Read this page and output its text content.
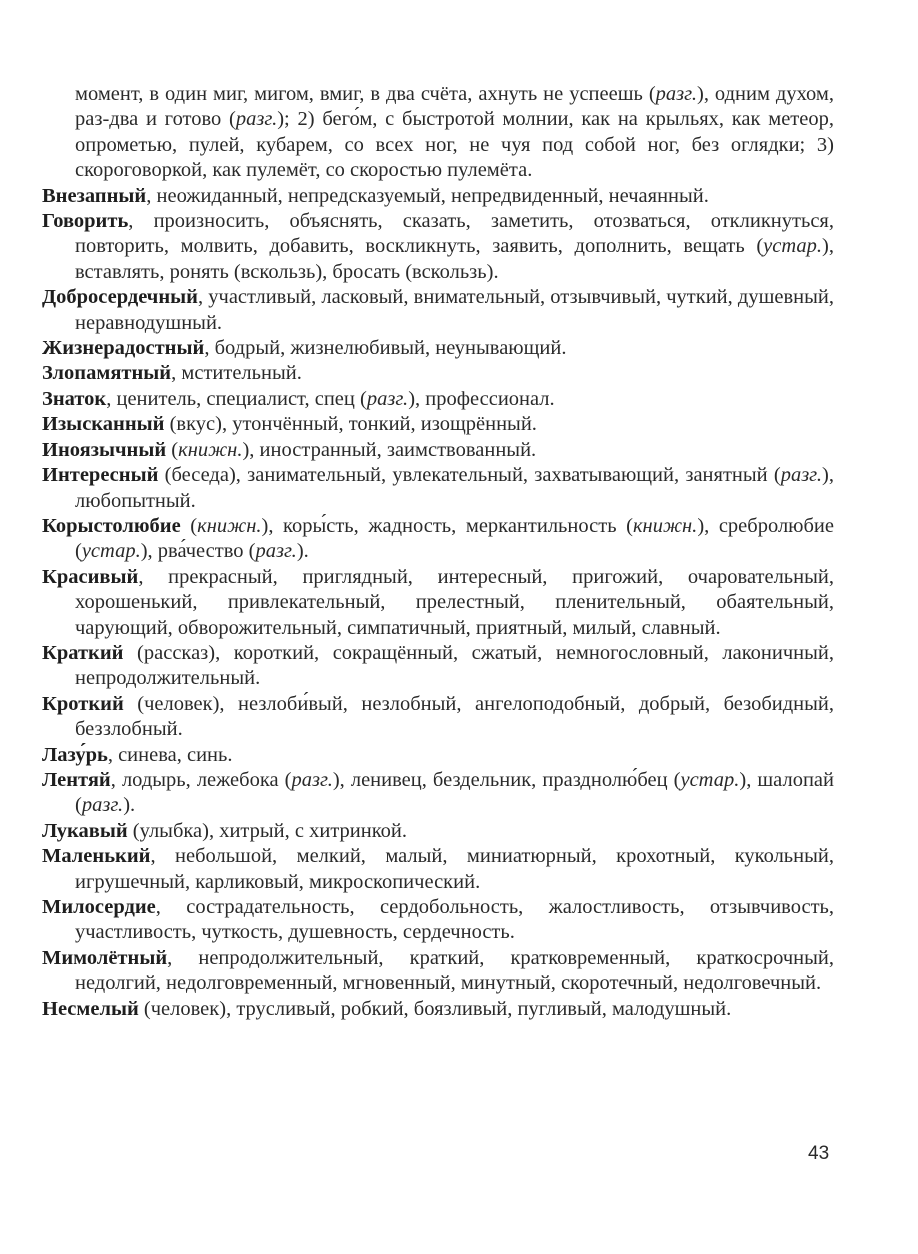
момент, в один миг, мигом, вмиг, в два счёта, ахнуть не успеешь (разг.), одним духом, раз-два и готово (разг.); 2) бего́м, с быстротой молнии, как на крыльях, как метеор, опрометью, пулей, кубарем, со всех ног, не чуя под собой ног, без оглядки; 3) скороговоркой, как пулемёт, со скоростью пулемёта.

Внезапный, неожиданный, непредсказуемый, непредвиденный, нечаянный.

Говорить, произносить, объяснять, сказать, заметить, отозваться, откликнуться, повторить, молвить, добавить, воскликнуть, заявить, дополнить, вещать (устар.), вставлять, ронять (вскользь), бросать (вскользь).

Добросердечный, участливый, ласковый, внимательный, отзывчивый, чуткий, душевный, неравнодушный.

Жизнерадостный, бодрый, жизнелюбивый, неунывающий.

Злопамятный, мстительный.

Знаток, ценитель, специалист, спец (разг.), профессионал.

Изысканный (вкус), утончённый, тонкий, изощрённый.

Иноязычный (книжн.), иностранный, заимствованный.

Интересный (беседа), занимательный, увлекательный, захватывающий, занятный (разг.), любопытный.

Корыстолюбие (книжн.), коры́сть, жадность, меркантильность (книжн.), сребролюбие (устар.), рва́чество (разг.).

Красивый, прекрасный, приглядный, интересный, пригожий, очаровательный, хорошенький, привлекательный, прелестный, пленительный, обаятельный, чарующий, обворожительный, симпатичный, приятный, милый, славный.

Краткий (рассказ), короткий, сокращённый, сжатый, немногословный, лаконичный, непродолжительный.

Кроткий (человек), незлоби́вый, незлобный, ангелоподобный, добрый, безобидный, беззлобный.

Лазу́рь, синева, синь.

Лентяй, лодырь, лежебока (разг.), ленивец, бездельник, празднолю́бец (устар.), шалопай (разг.).

Лукавый (улыбка), хитрый, с хитринкой.

Маленький, небольшой, мелкий, малый, миниатюрный, крохотный, кукольный, игрушечный, карликовый, микроскопический.

Милосердие, сострадательность, сердобольность, жалостливость, отзывчивость, участливость, чуткость, душевность, сердечность.

Мимолётный, непродолжительный, краткий, кратковременный, краткосрочный, недолгий, недолговременный, мгновенный, минутный, скоротечный, недолговечный.

Несмелый (человек), трусливый, робкий, боязливый, пугливый, малодушный.

43
